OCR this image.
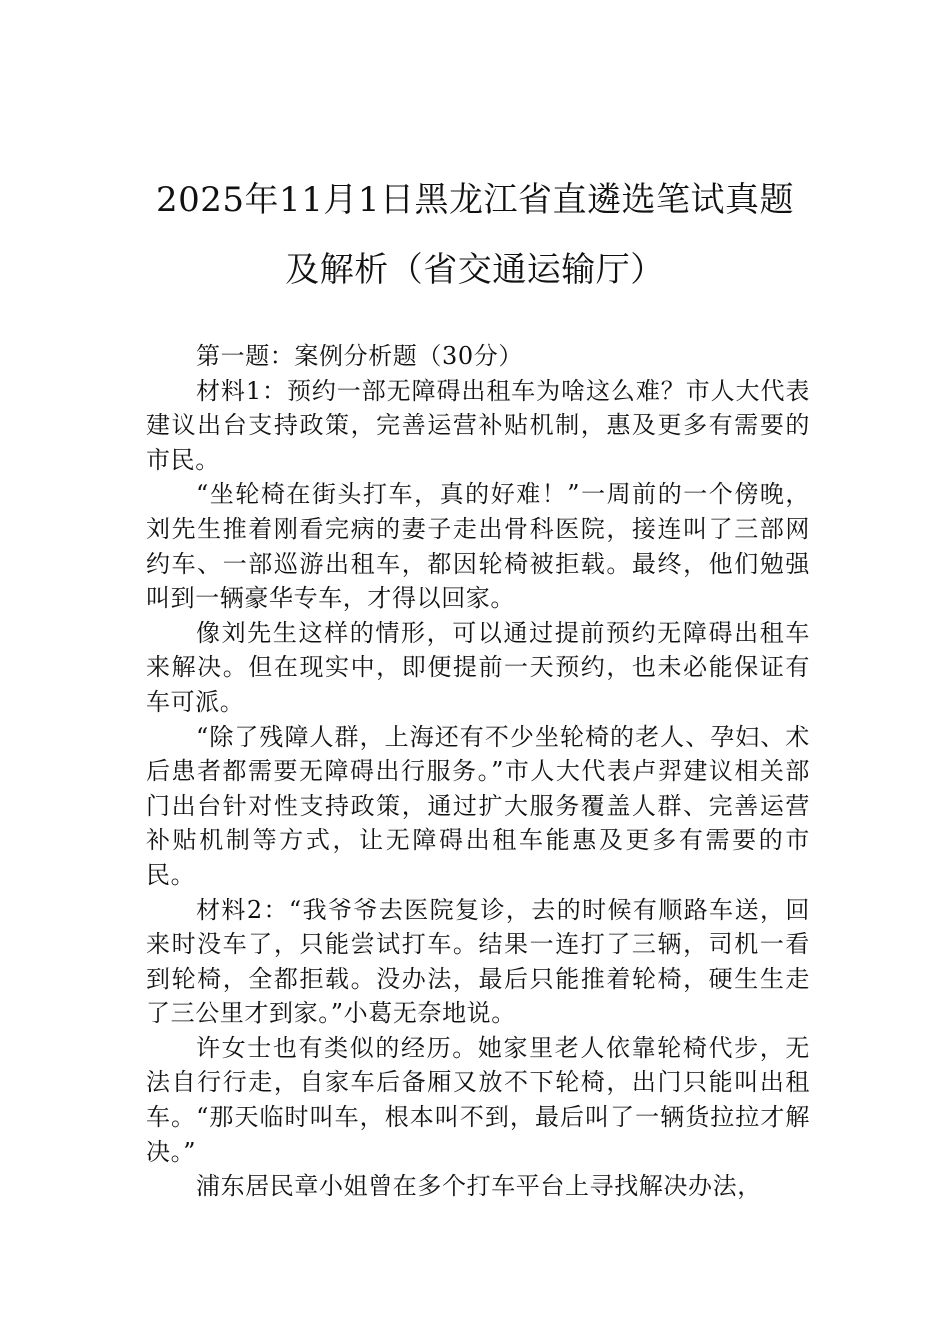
2025年11月1日黑龙江省直遴选笔试真题
及解析（省交通运输厅）

第一题：案例分析题（30分）

材料1：预约一部无障碍出租车为啥这么难？市人大代表建议出台支持政策，完善运营补贴机制，惠及更多有需要的市民。

“坐轮椅在街头打车，真的好难！”一周前的一个傍晚，刘先生推着刚看完病的妻子走出骨科医院，接连叫了三部网约车、一部巡游出租车，都因轮椅被拒载。最终，他们勉强叫到一辆豪华专车，才得以回家。

像刘先生这样的情形，可以通过提前预约无障碍出租车来解决。但在现实中，即便提前一天预约，也未必能保证有车可派。

“除了残障人群，上海还有不少坐轮椅的老人、孕妇、术后患者都需要无障碍出行服务。”市人大代表卢羿建议相关部门出台针对性支持政策，通过扩大服务覆盖人群、完善运营补贴机制等方式，让无障碍出租车能惠及更多有需要的市民。

材料2：“我爷爷去医院复诊，去的时候有顺路车送，回来时没车了，只能尝试打车。结果一连打了三辆，司机一看到轮椅，全都拒载。没办法，最后只能推着轮椅，硬生生走了三公里才到家。”小葛无奈地说。

许女士也有类似的经历。她家里老人依靠轮椅代步，无法自行行走，自家车后备厢又放不下轮椅，出门只能叫出租车。“那天临时叫车，根本叫不到，最后叫了一辆货拉拉才解决。”

浦东居民章小姐曾在多个打车平台上寻找解决办法，
